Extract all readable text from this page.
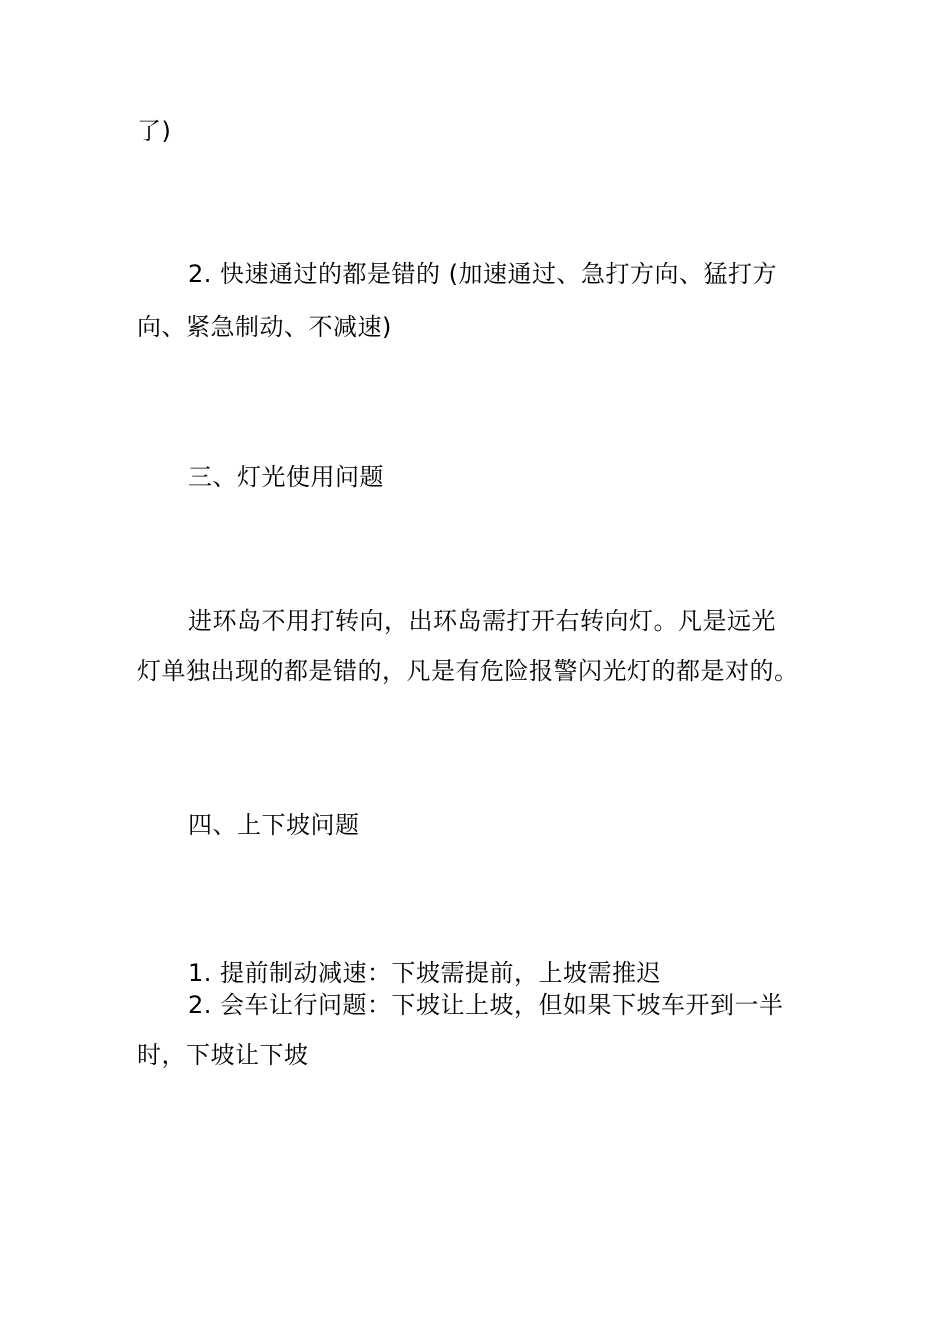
了)
2. 快速通过的都是错的 (加速通过、急打方向、猛打方
向、紧急制动、不减速)
三、灯光使用问题
进环岛不用打转向，出环岛需打开右转向灯。凡是远光
灯单独出现的都是错的，凡是有危险报警闪光灯的都是对的。
四、上下坡问题
1. 提前制动减速：下坡需提前，上坡需推迟
2. 会车让行问题：下坡让上坡，但如果下坡车开到一半
时，下坡让下坡
